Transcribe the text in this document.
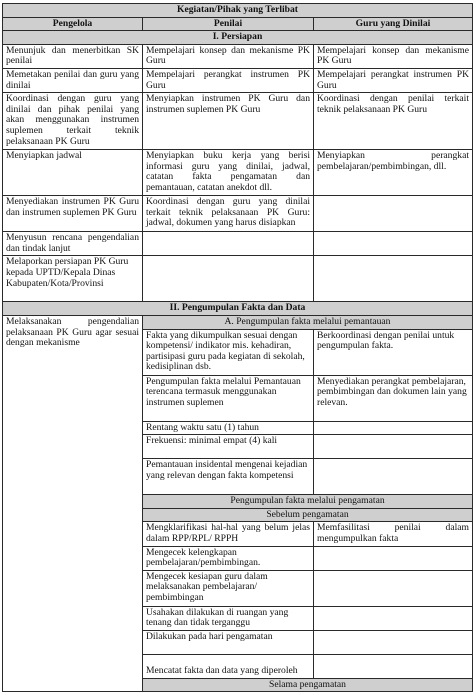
Kegiatan/Pihak yang Terlibat		
Pengelola	Penilai	Guru yang Dinilai
I. Persiapan		
Menunjuk dan menerbitkan SK penilai	Mempelajari konsep dan mekanisme PK Guru	Mempelajari konsep dan mekanisme PK Guru
Memetakan penilai dan guru yang dinilai	Mempelajari perangkat instrumen PK Guru	Mempelajari perangkat instrumen PK Guru
Koordinasi dengan guru yang dinilai dan pihak penilai yang akan menggunakan instrumen suplemen terkait teknik pelaksanaan PK Guru	Menyiapkan instrumen PK Guru dan instrumen suplemen PK Guru	Koordinasi dengan penilai terkait teknik pelaksanaan PK Guru
Menyiapkan jadwal	Menyiapkan buku kerja yang berisi informasi guru yang dinilai, jadwal, catatan fakta pengamatan dan pemantauan, catatan anekdot dll.	Menyiapkan perangkat pembelajaran/pembimbingan, dll.
Menyediakan instrumen PK Guru dan instrumen suplemen PK Guru	Koordinasi dengan guru yang dinilai terkait teknik pelaksanaan PK Guru: jadwal, dokumen yang harus disiapkan	
Menyusun rencana pengendalian dan tindak lanjut		
Melaporkan persiapan PK Guru kepada UPTD/Kepala Dinas Kabupaten/Kota/Provinsi		
II. Pengumpulan Fakta dan Data		
Melaksanakan pengendalian pelaksanaan PK Guru agar sesuai dengan mekanisme	A. Pengumpulan fakta melalui pemantauan	
	Fakta yang dikumpulkan sesuai dengan kompetensi/ indikator mis. kehadiran, partisipasi guru pada kegiatan di sekolah, kedisiplinan dsb.	Berkoordinasi dengan penilai untuk pengumpulan fakta.
	Pengumpulan fakta melalui Pemantauan terencana termasuk menggunakan instrumen suplemen	Menyediakan perangkat pembelajaran, pembimbingan dan dokumen lain yang relevan.
	Rentang waktu satu (1) tahun	
	Frekuensi: minimal empat (4) kali	
	Pemantauan insidental mengenai kejadian yang relevan dengan fakta kompetensi	
	Pengumpulan fakta melalui pengamatan	
	Sebelum pengamatan	
	Mengklarifikasi hal-hal yang belum jelas dalam RPP/RPL/ RPPH	Memfasilitasi penilai dalam mengumpulkan fakta
	Mengecek kelengkapan pembelajaran/pembimbingan.	
	Mengecek kesiapan guru dalam melaksanakan pembelajaran/ pembimbingan	
	Usahakan dilakukan di ruangan yang tenang dan tidak terganggu	
	Dilakukan pada hari pengamatan	
	Mencatat fakta dan data yang diperoleh	
	Selama pengamatan	
